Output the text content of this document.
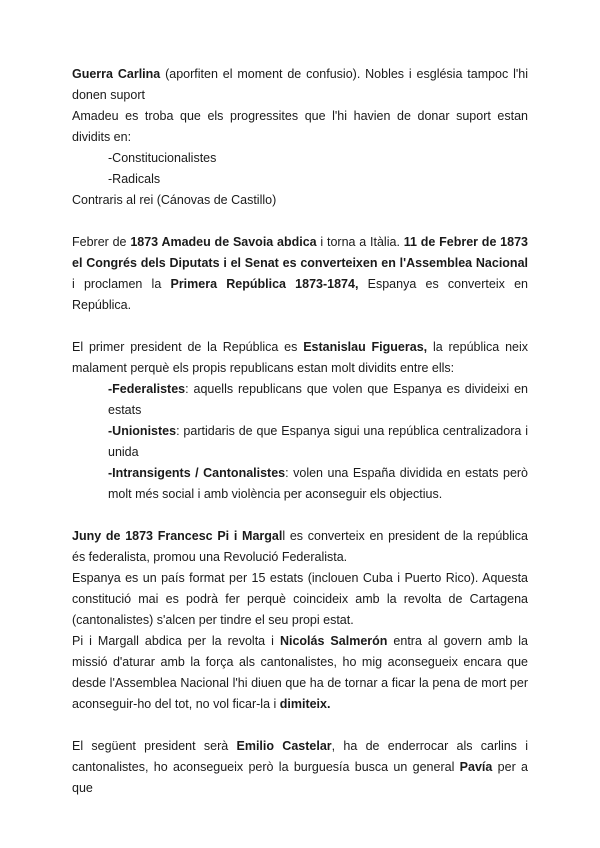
Guerra Carlina (aporfiten el moment de confusio). Nobles i església tampoc l'hi donen suport

Amadeu es troba que els progressites que l'hi havien de donar suport estan dividits en:

-Constitucionalistes

-Radicals

Contraris al rei (Cánovas de Castillo)

Febrer de 1873 Amadeu de Savoia abdica i torna a Itàlia. 11 de Febrer de 1873 el Congrés dels Diputats i el Senat es converteixen en l'Assemblea Nacional i proclamen la Primera República 1873-1874, Espanya es converteix en República.

El primer president de la República es Estanislau Figueras, la república neix malament perquè els propis republicans estan molt dividits entre ells:

-Federalistes: aquells republicans que volen que Espanya es divideixi en estats

-Unionistes: partidaris de que Espanya sigui una república centralizadora i unida

-Intransigents / Cantonalistes: volen una España dividida en estats però molt més social i amb violència per aconseguir els objectius.

Juny de 1873 Francesc Pi i Margall es converteix en president de la república és federalista, promou una Revolució Federalista.

Espanya es un país format per 15 estats (inclouen Cuba i Puerto Rico). Aquesta constitució mai es podrà fer perquè coincideix amb la revolta de Cartagena (cantonalistes) s'alcen per tindre el seu propi estat.

Pi i Margall abdica per la revolta i Nicolás Salmerón entra al govern amb la missió d'aturar amb la força als cantonalistes, ho mig aconsegueix encara que desde l'Assemblea Nacional l'hi diuen que ha de tornar a ficar la pena de mort per aconseguir-ho del tot, no vol ficar-la i dimiteix.

El següent president serà Emilio Castelar, ha de enderrocar als carlins i cantonalistes, ho aconsegueix però la burguesía busca un general Pavía per a que
